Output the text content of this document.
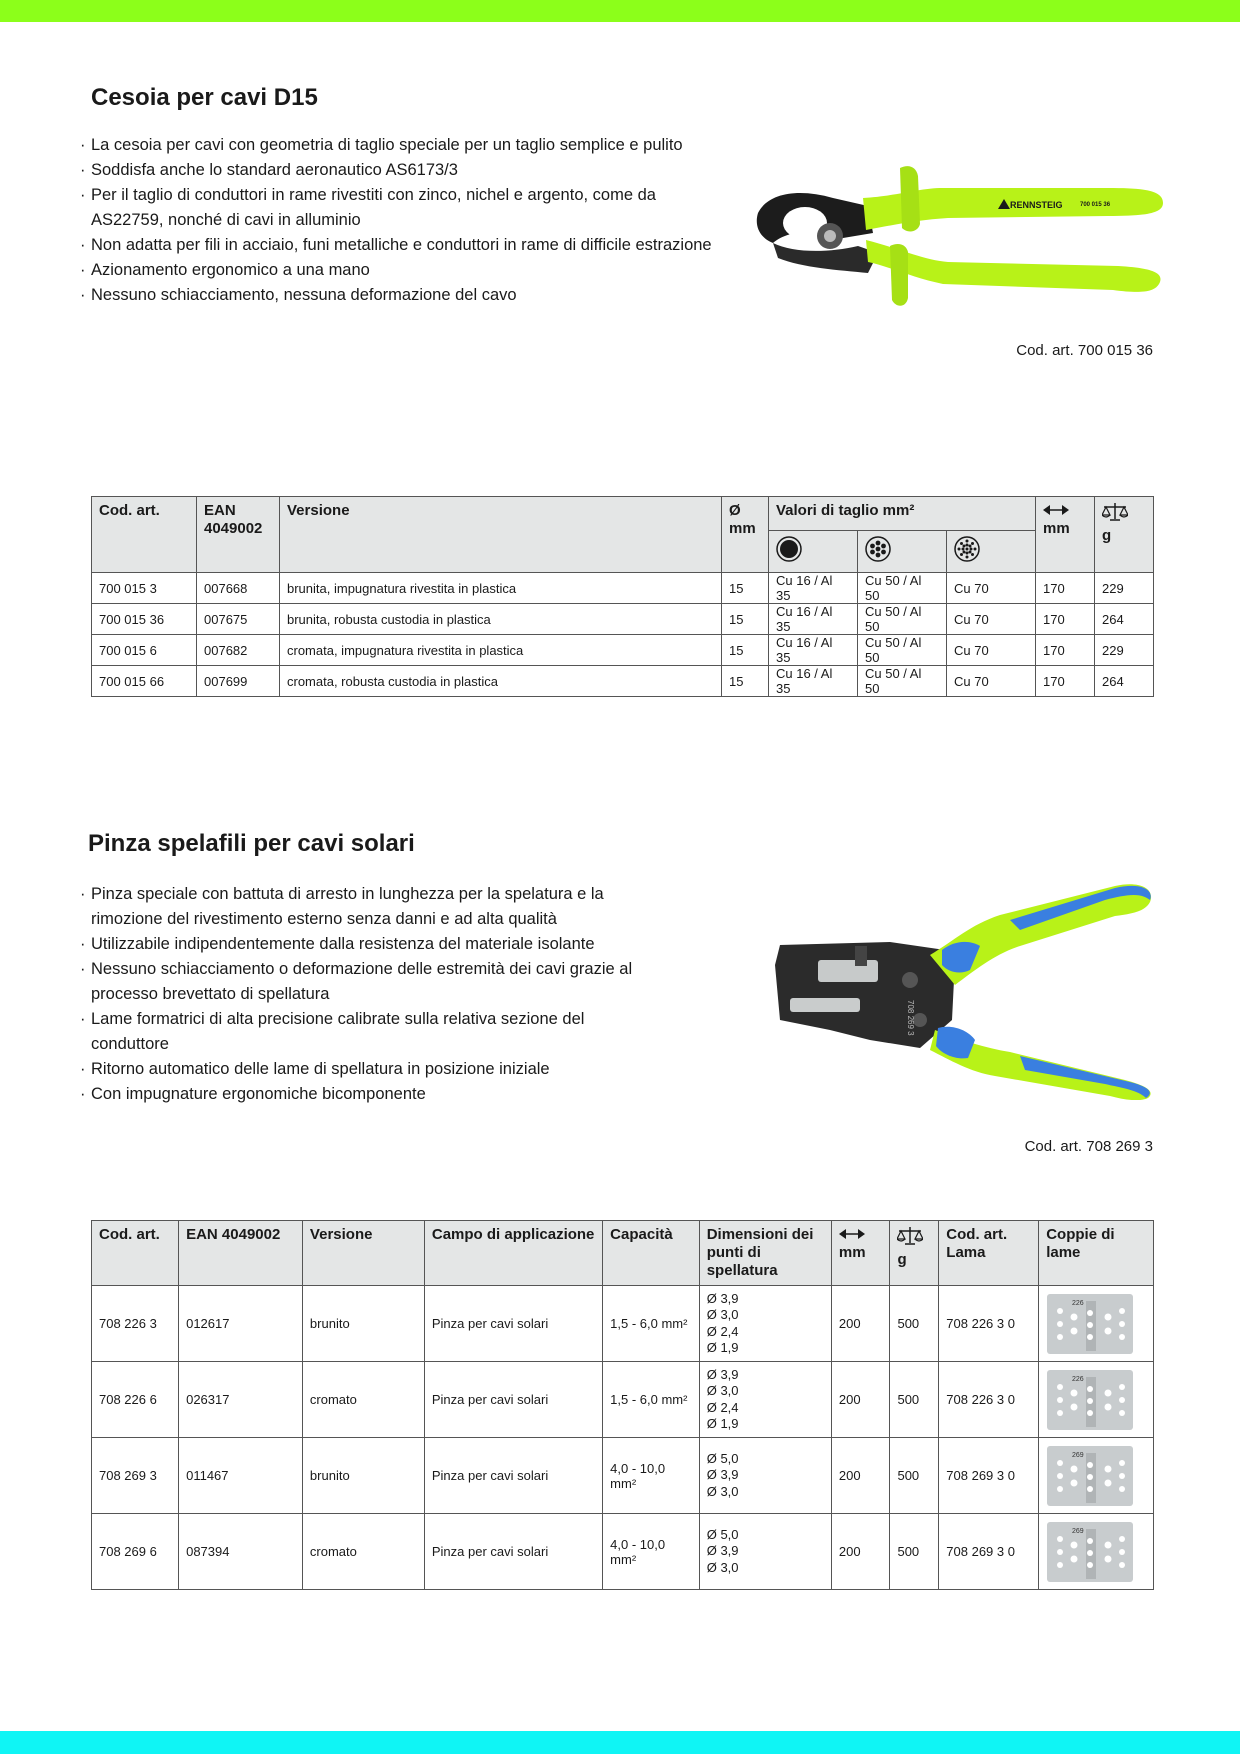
Cesoia per cavi D15
· La cesoia per cavi con geometria di taglio speciale per un taglio semplice e pulito
· Soddisfa anche lo standard aeronautico AS6173/3
· Per il taglio di conduttori in rame rivestiti con zinco, nichel e argento, come da AS22759, nonché di cavi in alluminio
· Non adatta per fili in acciaio, funi metalliche e conduttori in rame di difficile estrazione
· Azionamento ergonomico a una mano
· Nessuno schiacciamento, nessuna deformazione del cavo
RENNSTEIG	700 015 36
Cod. art. 700 015 36
Cod. art.	EAN 4049002	Versione	Ø mm	Valori di taglio mm²			mm	g

700 015 3	007668	brunita, impugnatura rivestita in plastica	15	Cu 16 / Al 35	Cu 50 / Al 50	Cu 70	170	229
700 015 36	007675	brunita, robusta custodia in plastica	15	Cu 16 / Al 35	Cu 50 / Al 50	Cu 70	170	264
700 015 6	007682	cromata, impugnatura rivestita in plastica	15	Cu 16 / Al 35	Cu 50 / Al 50	Cu 70	170	229
700 015 66	007699	cromata, robusta custodia in plastica	15	Cu 16 / Al 35	Cu 50 / Al 50	Cu 70	170	264
Pinza spelafili per cavi solari
· Pinza speciale con battuta di arresto in lunghezza per la spelatura e la rimozione del rivestimento esterno senza danni e ad alta qualità
· Utilizzabile indipendentemente dalla resistenza del materiale isolante
· Nessuno schiacciamento o deformazione delle estremità dei cavi grazie al processo brevettato di spellatura
· Lame formatrici di alta precisione calibrate sulla relativa sezione del conduttore
· Ritorno automatico delle lame di spellatura in posizione iniziale
· Con impugnature ergonomiche bicomponente
708 269 3
Cod. art. 708 269 3
Cod. art.	EAN 4049002	Versione	Campo di applicazione	Capacità	Dimensioni dei punti di spellatura	mm	g	Cod. art. Lama	Coppie di lame
708 226 3	012617	brunito	Pinza per cavi solari	1,5 - 6,0 mm²	Ø 3,9
Ø 3,0
Ø 2,4
Ø 1,9	200	500	708 226 3 0	226

708 226 6	026317	cromato	Pinza per cavi solari	1,5 - 6,0 mm²	Ø 3,9
Ø 3,0
Ø 2,4
Ø 1,9	200	500	708 226 3 0	226

708 269 3	011467	brunito	Pinza per cavi solari	4,0 - 10,0 mm²	Ø 5,0
Ø 3,9
Ø 3,0	200	500	708 269 3 0	269

708 269 6	087394	cromato	Pinza per cavi solari	4,0 - 10,0 mm²	Ø 5,0
Ø 3,9
Ø 3,0	200	500	708 269 3 0	269
